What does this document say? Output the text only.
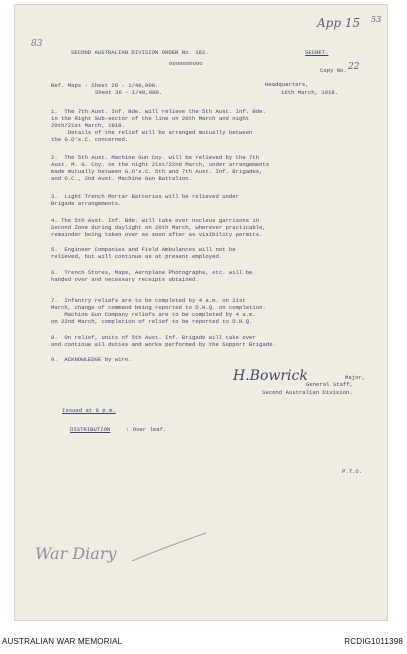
83
App 15 53
SECOND AUSTRALIAN DIVISION ORDER No. 182.	SECRET.
oooooooooo
Copy No. 22
Ref. Maps - Sheet 28 - 1/40,000.
Sheet 36 - 1/40,000.
Headquarters,
16th March, 1918.
1.  The 7th Aust. Inf. Bde. will relieve the 5th Aust. Inf. Bde.
in the Right Sub-sector of the line on 20th March and night
20th/21st March, 1918.
Details of the relief will be arranged mutually between
the G.O's.C. concerned.
2.  The 5th Aust. Machine Gun Coy. will be relieved by the 7th
Aust. M. G. Coy. on the night 21st/22nd March, under arrangements
made mutually between G.O's.C. 5th and 7th Aust. Inf. Brigades,
and O.C., 2nd Aust. Machine Gun Battalion.
3.  Light Trench Mortar Batteries will be relieved under
Brigade arrangements.
4. The 5th Aust. Inf. Bde. will take over nucleus garrisons in
Second Zone during daylight on 20th March, wherever practicable,
remainder being taken over as soon after as visibility permits.
5.  Engineer Companies and Field Ambulances will not be
relieved, but will continue as at present employed.
6.  Trench Stores, Maps, Aeroplane Photographs, etc. will be
handed over and necessary receipts obtained.
7.  Infantry reliefs are to be completed by 4 a.m. on 21st
March, change of command being reported to D.H.Q. on completion.
Machine Gun Company reliefs are to be completed by 4 a.m.
on 22nd March, completion of relief to be reported to D.H.Q.
8.  On relief, units of 5th Aust. Inf. Brigade will take over
and continue all duties and works performed by the Support Brigade.
9.  ACKNOWLEDGE by wire.
H.Bowrick	Major,
General Staff,
Second Australian Division.
Issued at 8 p.m.
DISTRIBUTION	: Over leaf.
P.T.O.
War Diary
AUSTRALIAN WAR MEMORIAL	RCDIG1011398
